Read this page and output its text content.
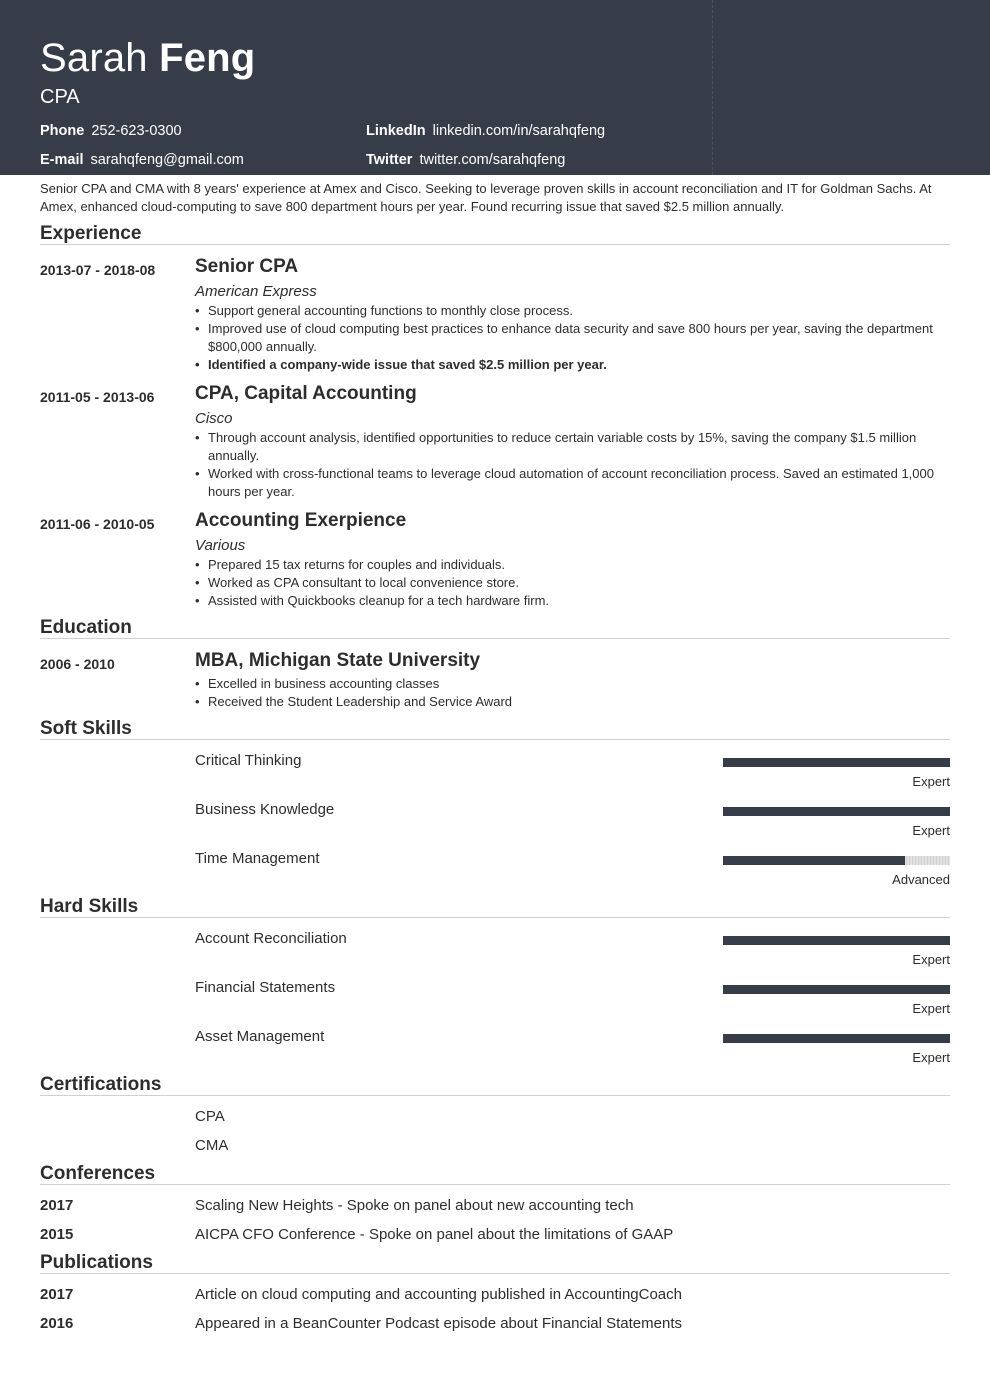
Sarah Feng
CPA
Phone 252-623-0300	LinkedIn linkedin.com/in/sarahqfeng
E-mail sarahqfeng@gmail.com	Twitter twitter.com/sarahqfeng
Senior CPA and CMA with 8 years' experience at Amex and Cisco. Seeking to leverage proven skills in account reconciliation and IT for Goldman Sachs. At Amex, enhanced cloud-computing to save 800 department hours per year. Found recurring issue that saved $2.5 million annually.
Experience
2013-07 - 2018-08 Senior CPA
American Express
• Support general accounting functions to monthly close process.
• Improved use of cloud computing best practices to enhance data security and save 800 hours per year, saving the department $800,000 annually.
• Identified a company-wide issue that saved $2.5 million per year.
2011-05 - 2013-06 CPA, Capital Accounting
Cisco
• Through account analysis, identified opportunities to reduce certain variable costs by 15%, saving the company $1.5 million annually.
• Worked with cross-functional teams to leverage cloud automation of account reconciliation process. Saved an estimated 1,000 hours per year.
2011-06 - 2010-05 Accounting Exerpience
Various
• Prepared 15 tax returns for couples and individuals.
• Worked as CPA consultant to local convenience store.
• Assisted with Quickbooks cleanup for a tech hardware firm.
Education
2006 - 2010	MBA, Michigan State University
• Excelled in business accounting classes
• Received the Student Leadership and Service Award
Soft Skills
Critical Thinking
Expert
Business Knowledge
Expert
Time Management
Advanced
Hard Skills
Account Reconciliation
Expert
Financial Statements
Expert
Asset Management
Expert
Certifications
CPA
CMA
Conferences
2017	Scaling New Heights - Spoke on panel about new accounting tech
2015	AICPA CFO Conference - Spoke on panel about the limitations of GAAP
Publications
2017	Article on cloud computing and accounting published in AccountingCoach
2016	Appeared in a BeanCounter Podcast episode about Financial Statements
